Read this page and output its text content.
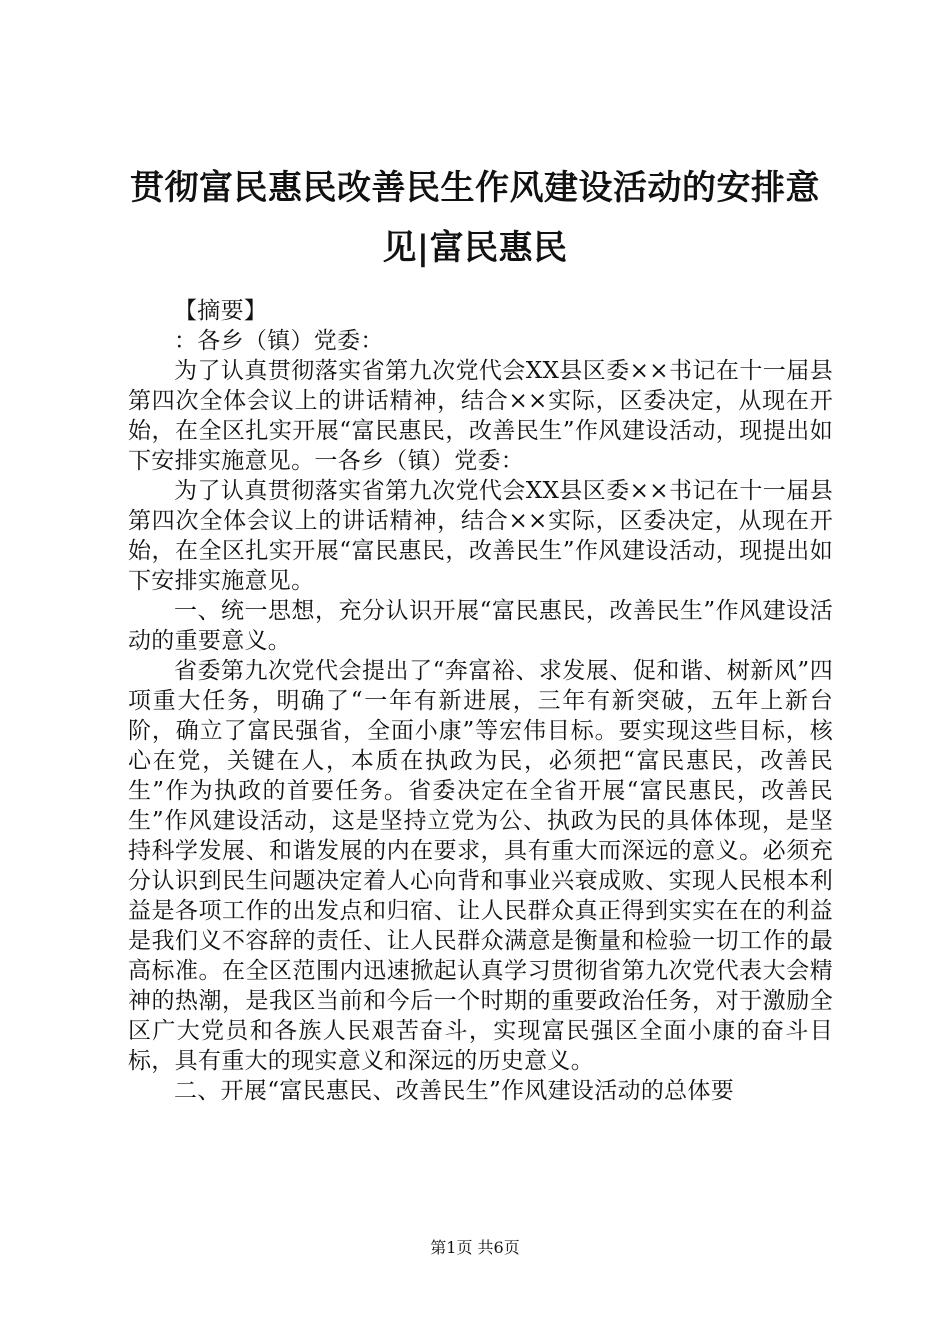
贯彻富民惠民改善民生作风建设活动的安排意
见|富民惠民

【摘要】

：各乡（镇）党委：

为了认真贯彻落实省第九次党代会XX县区委××书记在十一届县第四次全体会议上的讲话精神，结合××实际，区委决定，从现在开始，在全区扎实开展“富民惠民，改善民生”作风建设活动，现提出如下安排实施意见。一各乡（镇）党委：

为了认真贯彻落实省第九次党代会XX县区委××书记在十一届县第四次全体会议上的讲话精神，结合××实际，区委决定，从现在开始，在全区扎实开展“富民惠民，改善民生”作风建设活动，现提出如下安排实施意见。

一、统一思想，充分认识开展“富民惠民，改善民生”作风建设活动的重要意义。

省委第九次党代会提出了“奔富裕、求发展、促和谐、树新风”四项重大任务，明确了“一年有新进展，三年有新突破，五年上新台阶，确立了富民强省，全面小康”等宏伟目标。要实现这些目标，核心在党，关键在人，本质在执政为民，必须把“富民惠民，改善民生”作为执政的首要任务。省委决定在全省开展“富民惠民，改善民生”作风建设活动，这是坚持立党为公、执政为民的具体体现，是坚持科学发展、和谐发展的内在要求，具有重大而深远的意义。必须充分认识到民生问题决定着人心向背和事业兴衰成败、实现人民根本利益是各项工作的出发点和归宿、让人民群众真正得到实实在在的利益是我们义不容辞的责任、让人民群众满意是衡量和检验一切工作的最高标准。在全区范围内迅速掀起认真学习贯彻省第九次党代表大会精神的热潮，是我区当前和今后一个时期的重要政治任务，对于激励全区广大党员和各族人民艰苦奋斗，实现富民强区全面小康的奋斗目标，具有重大的现实意义和深远的历史意义。

二、开展“富民惠民、改善民生”作风建设活动的总体要

第1页 共6页
